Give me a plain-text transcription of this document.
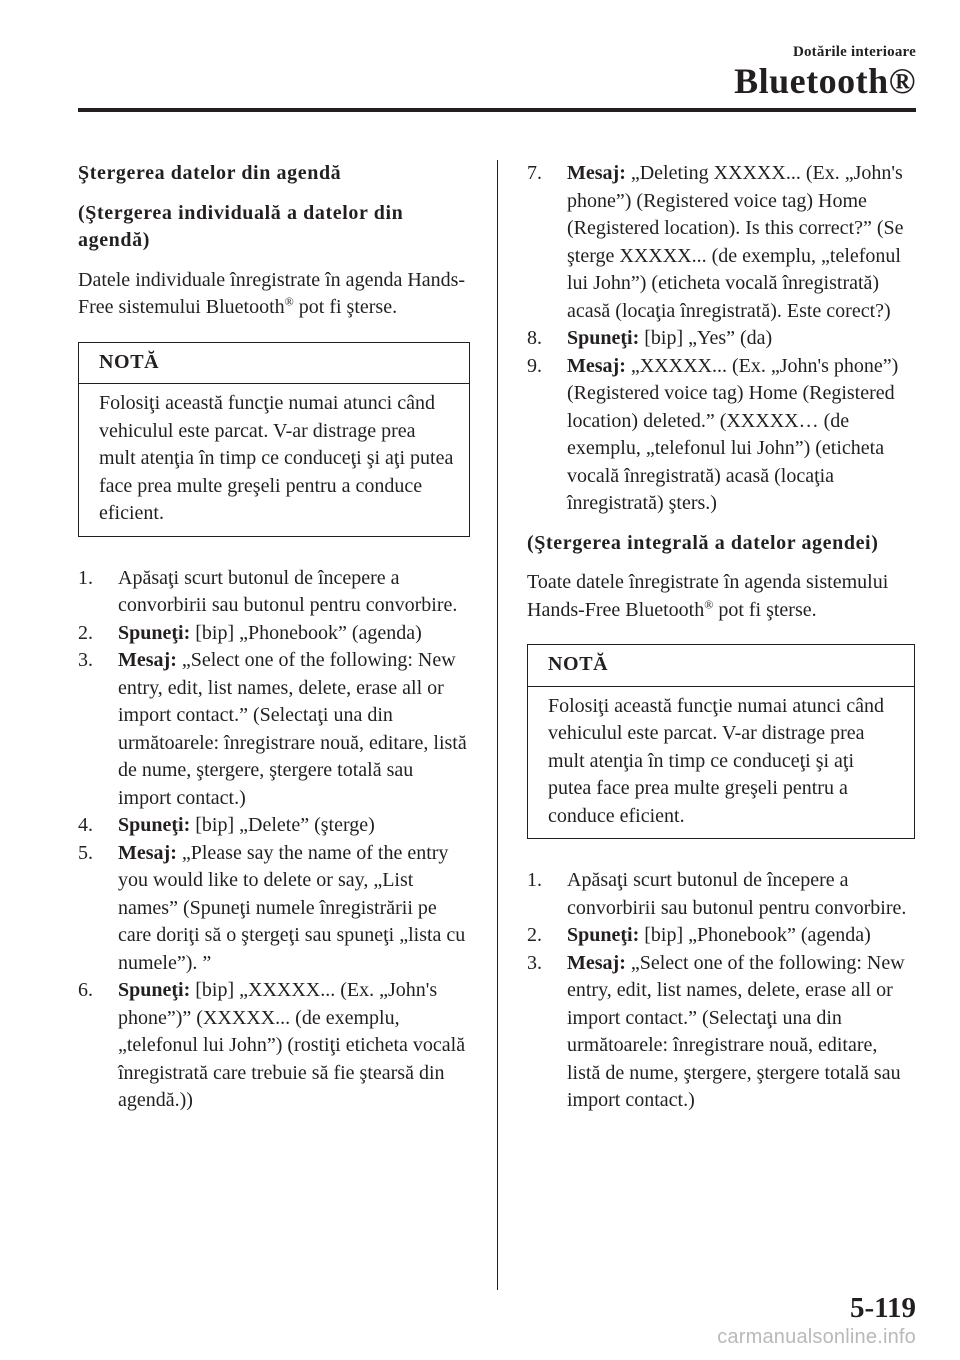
Dotările interioare
Bluetooth®
Ştergerea datelor din agendă
(Ştergerea individuală a datelor din agendă)

Datele individuale înregistrate în agenda Hands-Free sistemului Bluetooth® pot fi şterse.

NOTĂ
Folosiţi această funcţie numai atunci când vehiculul este parcat. V-ar distrage prea mult atenţia în timp ce conduceţi şi aţi putea face prea multe greşeli pentru a conduce eficient.
1.	Apăsaţi scurt butonul de începere a convorbirii sau butonul pentru convorbire.
2.	Spuneţi: [bip] „Phonebook” (agenda)
3.	Mesaj: „Select one of the following: New entry, edit, list names, delete, erase all or import contact.” (Selectaţi una din următoarele: înregistrare nouă, editare, listă de nume, ştergere, ştergere totală sau import contact.)
4.	Spuneţi: [bip] „Delete” (şterge)
5.	Mesaj: „Please say the name of the entry you would like to delete or say, „List names” (Spuneţi numele înregistrării pe care doriţi să o ştergeţi sau spuneţi „lista cu numele”). ”
6.	Spuneţi: [bip] „XXXXX... (Ex. „John's phone”)” (XXXXX... (de exemplu, „telefonul lui John”) (rostiţi eticheta vocală înregistrată care trebuie să fie ştearsă din agendă.))
7.	Mesaj: „Deleting XXXXX... (Ex. „John's phone”) (Registered voice tag) Home (Registered location). Is this correct?” (Se şterge XXXXX... (de exemplu, „telefonul lui John”) (eticheta vocală înregistrată) acasă (locaţia înregistrată). Este corect?)
8.	Spuneţi: [bip] „Yes” (da)
9.	Mesaj: „XXXXX... (Ex. „John's phone”) (Registered voice tag) Home (Registered location) deleted.” (XXXXX… (de exemplu, „telefonul lui John”) (eticheta vocală înregistrată) acasă (locaţia înregistrată) şters.)
(Ştergerea integrală a datelor agendei)

Toate datele înregistrate în agenda sistemului Hands-Free Bluetooth® pot fi şterse.

NOTĂ
Folosiţi această funcţie numai atunci când vehiculul este parcat. V-ar distrage prea mult atenţia în timp ce conduceţi şi aţi putea face prea multe greşeli pentru a conduce eficient.
1.	Apăsaţi scurt butonul de începere a convorbirii sau butonul pentru convorbire.
2.	Spuneţi: [bip] „Phonebook” (agenda)
3.	Mesaj: „Select one of the following: New entry, edit, list names, delete, erase all or import contact.” (Selectaţi una din următoarele: înregistrare nouă, editare, listă de nume, ştergere, ştergere totală sau import contact.)
5-119
carmanualsonline.info
